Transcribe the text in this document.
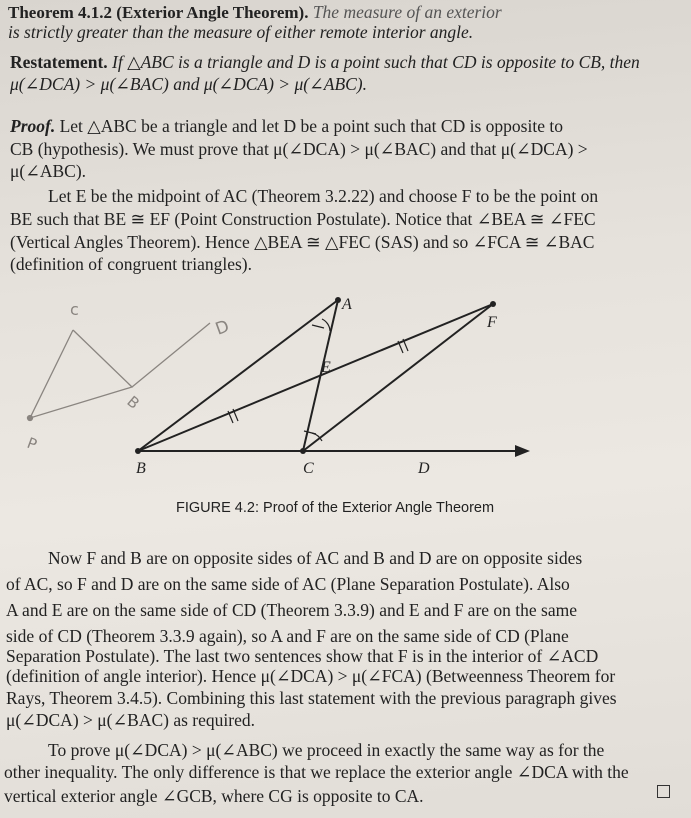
Theorem 4.1.2 (Exterior Angle Theorem). The measure of an exterior
is strictly greater than the measure of either remote interior angle.
Restatement. If △ABC is a triangle and D is a point such that CD is opposite to CB, then
μ(∠DCA) > μ(∠BAC) and μ(∠DCA) > μ(∠ABC).
Proof. Let △ABC be a triangle and let D be a point such that CD is opposite to
CB (hypothesis). We must prove that μ(∠DCA) > μ(∠BAC) and that μ(∠DCA) >
μ(∠ABC).
Let E be the midpoint of AC (Theorem 3.2.22) and choose F to be the point on
BE such that BE ≅ EF (Point Construction Postulate). Notice that ∠BEA ≅ ∠FEC
(Vertical Angles Theorem). Hence △BEA ≅ △FEC (SAS) and so ∠FCA ≅ ∠BAC
(definition of congruent triangles).
c
D
B
P
A
B	C	D
E
F
FIGURE 4.2: Proof of the Exterior Angle Theorem
Now F and B are on opposite sides of AC and B and D are on opposite sides
of AC, so F and D are on the same side of AC (Plane Separation Postulate). Also
A and E are on the same side of CD (Theorem 3.3.9) and E and F are on the same
side of CD (Theorem 3.3.9 again), so A and F are on the same side of CD (Plane
Separation Postulate). The last two sentences show that F is in the interior of ∠ACD
(definition of angle interior). Hence μ(∠DCA) > μ(∠FCA) (Betweenness Theorem for
Rays, Theorem 3.4.5). Combining this last statement with the previous paragraph gives
μ(∠DCA) > μ(∠BAC) as required.
To prove μ(∠DCA) > μ(∠ABC) we proceed in exactly the same way as for the
other inequality. The only difference is that we replace the exterior angle ∠DCA with the
vertical exterior angle ∠GCB, where CG is opposite to CA.
